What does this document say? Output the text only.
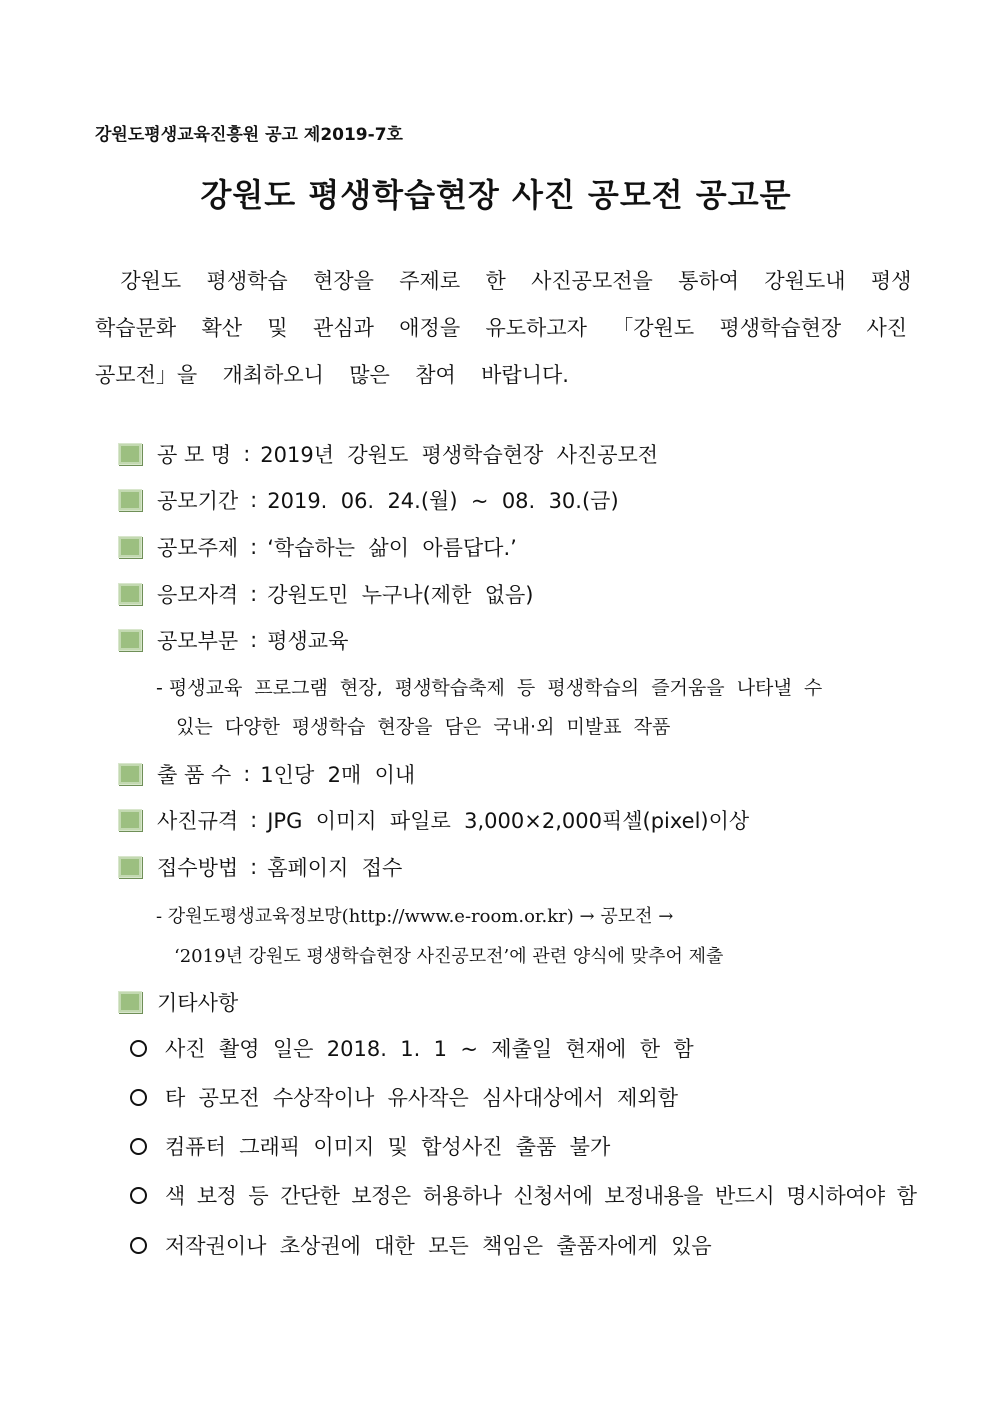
강원도평생교육진흥원 공고 제2019-7호
강원도 평생학습현장 사진 공모전 공고문
강원도  평생학습  현장을  주제로  한  사진공모전을  통하여  강원도내  평생
학습문화  확산  및  관심과  애정을  유도하고자  「강원도  평생학습현장  사진
공모전」을  개최하오니  많은  참여  바랍니다.
공 모 명 : 2019년  강원도  평생학습현장  사진공모전
공모기간 : 2019.  06.  24.(월)  ~  08.  30.(금)
공모주제 : ‘학습하는  삶이  아름답다.’
응모자격 : 강원도민  누구나(제한  없음)
공모부문 : 평생교육
- 평생교육  프로그램  현장,  평생학습축제  등  평생학습의  즐거움을  나타낼  수
있는  다양한  평생학습  현장을  담은  국내·외  미발표  작품
출 품 수 : 1인당  2매  이내
사진규격 : JPG  이미지  파일로  3,000×2,000픽셀(pixel)이상
접수방법 : 홈페이지  접수
- 강원도평생교육정보망(http://www.e-room.or.kr) → 공모전 →
‘2019년 강원도 평생학습현장 사진공모전’에 관련 양식에 맞추어 제출
기타사항
사진  촬영  일은  2018.  1.  1  ~  제출일  현재에  한  함
타  공모전  수상작이나  유사작은  심사대상에서  제외함
컴퓨터  그래픽  이미지  및  합성사진  출품  불가
색  보정  등  간단한  보정은  허용하나  신청서에  보정내용을  반드시  명시하여야  함
저작권이나  초상권에  대한  모든  책임은  출품자에게  있음
